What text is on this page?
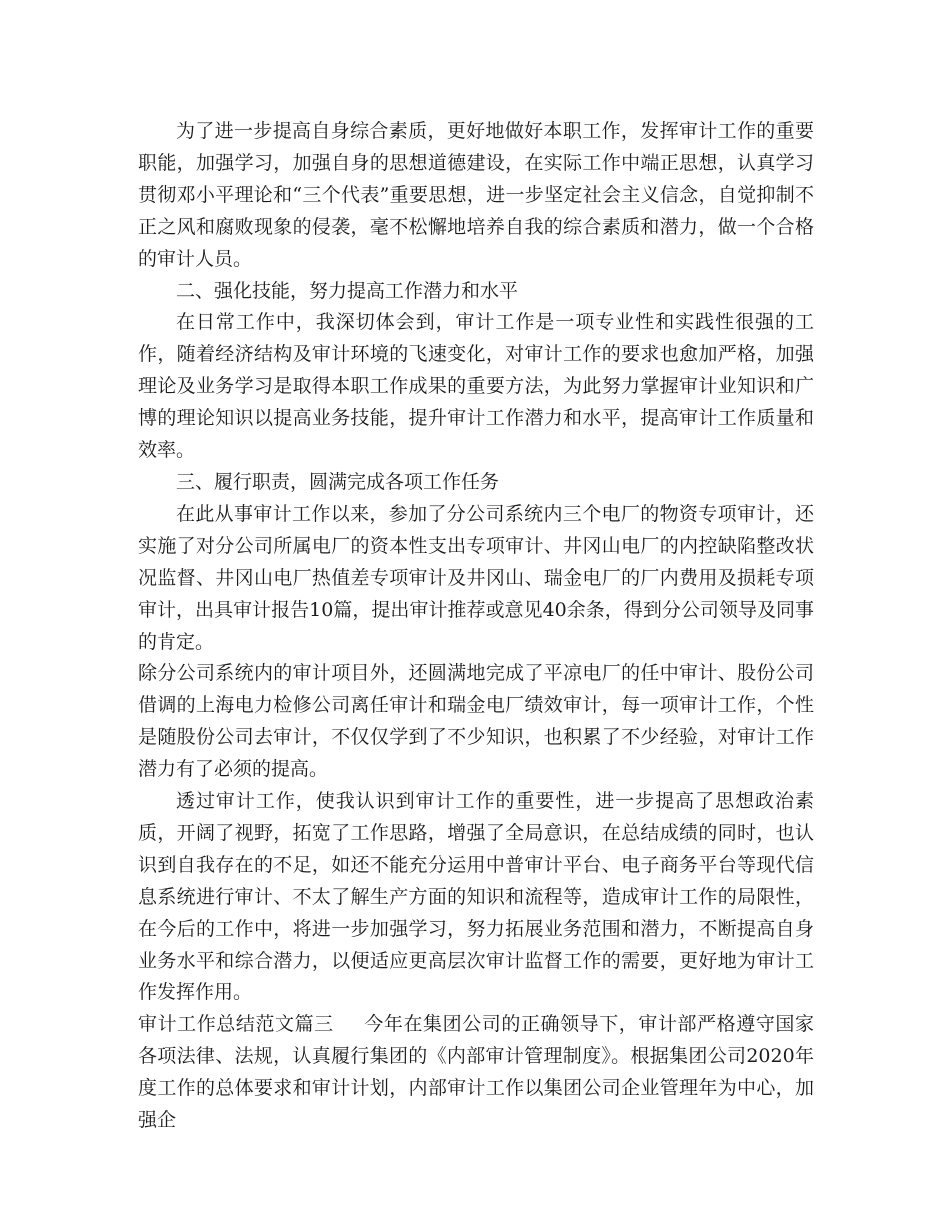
为了进一步提高自身综合素质，更好地做好本职工作，发挥审计工作的重要职能，加强学习，加强自身的思想道德建设，在实际工作中端正思想，认真学习贯彻邓小平理论和“三个代表”重要思想，进一步坚定社会主义信念，自觉抑制不正之风和腐败现象的侵袭，毫不松懈地培养自我的综合素质和潜力，做一个合格的审计人员。

二、强化技能，努力提高工作潜力和水平

在日常工作中，我深切体会到，审计工作是一项专业性和实践性很强的工作，随着经济结构及审计环境的飞速变化，对审计工作的要求也愈加严格，加强理论及业务学习是取得本职工作成果的重要方法，为此努力掌握审计业知识和广博的理论知识以提高业务技能，提升审计工作潜力和水平，提高审计工作质量和效率。

三、履行职责，圆满完成各项工作任务

在此从事审计工作以来，参加了分公司系统内三个电厂的物资专项审计，还实施了对分公司所属电厂的资本性支出专项审计、井冈山电厂的内控缺陷整改状况监督、井冈山电厂热值差专项审计及井冈山、瑞金电厂的厂内费用及损耗专项审计，出具审计报告10篇，提出审计推荐或意见40余条，得到分公司领导及同事的肯定。

除分公司系统内的审计项目外，还圆满地完成了平凉电厂的任中审计、股份公司借调的上海电力检修公司离任审计和瑞金电厂绩效审计，每一项审计工作，个性是随股份公司去审计，不仅仅学到了不少知识，也积累了不少经验，对审计工作潜力有了必须的提高。

透过审计工作，使我认识到审计工作的重要性，进一步提高了思想政治素质，开阔了视野，拓宽了工作思路，增强了全局意识，在总结成绩的同时，也认识到自我存在的不足，如还不能充分运用中普审计平台、电子商务平台等现代信息系统进行审计、不太了解生产方面的知识和流程等，造成审计工作的局限性，在今后的工作中，将进一步加强学习，努力拓展业务范围和潜力，不断提高自身业务水平和综合潜力，以便适应更高层次审计监督工作的需要，更好地为审计工作发挥作用。

审计工作总结范文篇三 今年在集团公司的正确领导下，审计部严格遵守国家各项法律、法规，认真履行集团的《内部审计管理制度》。根据集团公司2020年度工作的总体要求和审计计划，内部审计工作以集团公司企业管理年为中心，加强企
